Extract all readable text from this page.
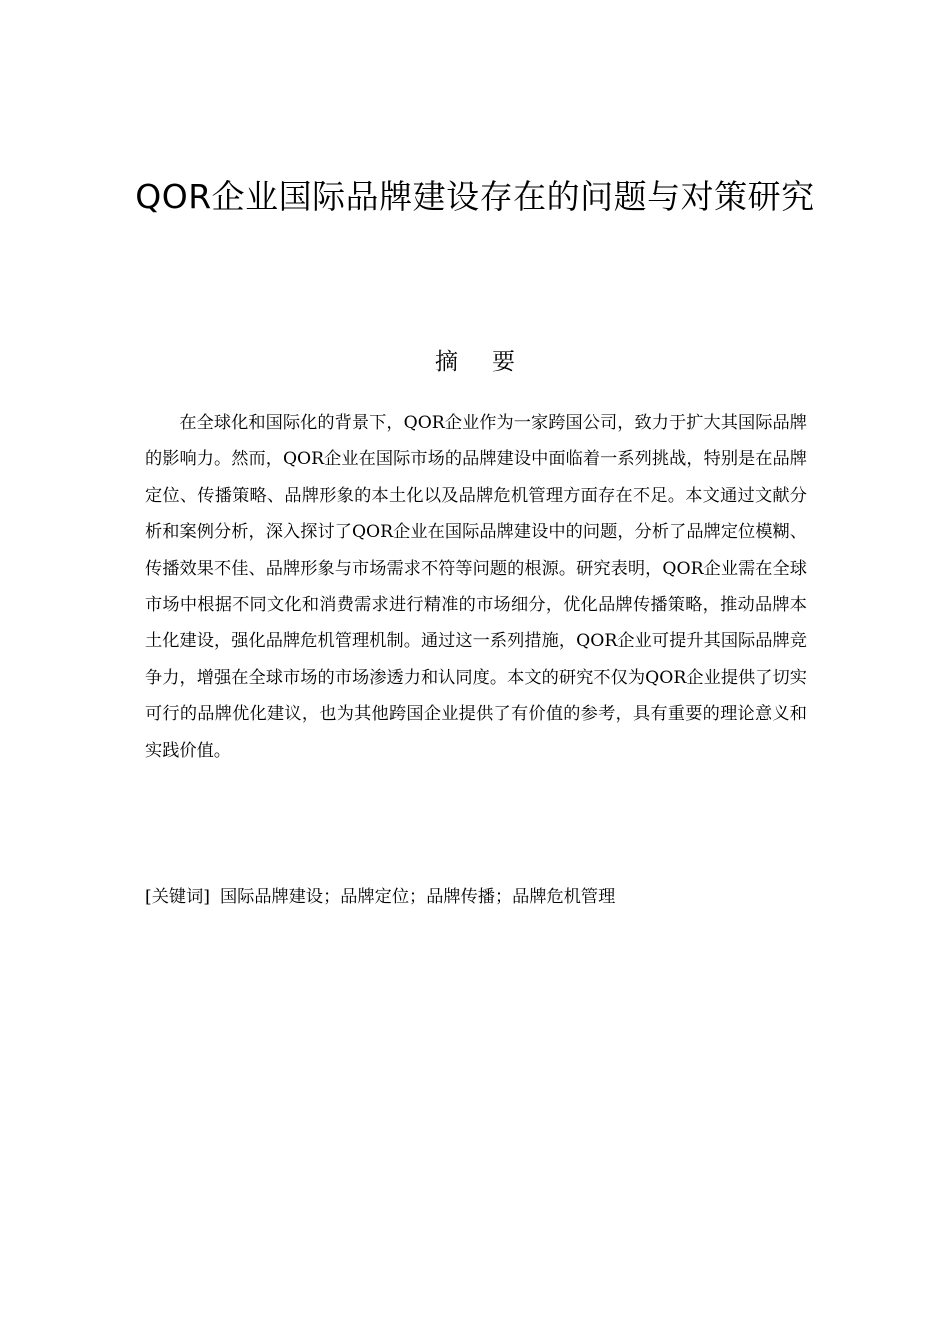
QOR企业国际品牌建设存在的问题与对策研究
摘要

在全球化和国际化的背景下，QOR企业作为一家跨国公司，致力于扩大其国际品牌的影响力。然而，QOR企业在国际市场的品牌建设中面临着一系列挑战，特别是在品牌定位、传播策略、品牌形象的本土化以及品牌危机管理方面存在不足。本文通过文献分析和案例分析，深入探讨了QOR企业在国际品牌建设中的问题，分析了品牌定位模糊、传播效果不佳、品牌形象与市场需求不符等问题的根源。研究表明，QOR企业需在全球市场中根据不同文化和消费需求进行精准的市场细分，优化品牌传播策略，推动品牌本土化建设，强化品牌危机管理机制。通过这一系列措施，QOR企业可提升其国际品牌竞争力，增强在全球市场的市场渗透力和认同度。本文的研究不仅为QOR企业提供了切实可行的品牌优化建议，也为其他跨国企业提供了有价值的参考，具有重要的理论意义和实践价值。

[关键词] 国际品牌建设；品牌定位；品牌传播；品牌危机管理
